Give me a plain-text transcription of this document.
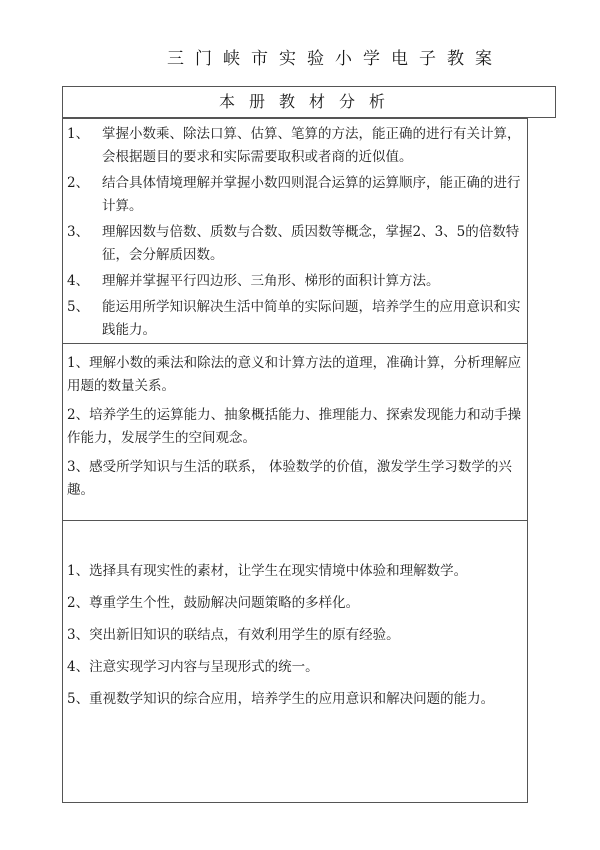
三门峡市实验小学电子教案
本册教材分析
1、 掌握小数乘、除法口算、估算、笔算的方法，能正确的进行有关计算，会根据题目的要求和实际需要取积或者商的近似值。
2、 结合具体情境理解并掌握小数四则混合运算的运算顺序，能正确的进行计算。
3、 理解因数与倍数、质数与合数、质因数等概念，掌握2、3、5的倍数特征，会分解质因数。
4、 理解并掌握平行四边形、三角形、梯形的面积计算方法。
5、 能运用所学知识解决生活中简单的实际问题，培养学生的应用意识和实践能力。
1、理解小数的乘法和除法的意义和计算方法的道理，准确计算，分析理解应用题的数量关系。
2、培养学生的运算能力、抽象概括能力、推理能力、探索发现能力和动手操作能力，发展学生的空间观念。
3、感受所学知识与生活的联系， 体验数学的价值，激发学生学习数学的兴趣。
1、选择具有现实性的素材，让学生在现实情境中体验和理解数学。
2、尊重学生个性，鼓励解决问题策略的多样化。
3、突出新旧知识的联结点，有效利用学生的原有经验。
4、注意实现学习内容与呈现形式的统一。
5、重视数学知识的综合应用，培养学生的应用意识和解决问题的能力。
